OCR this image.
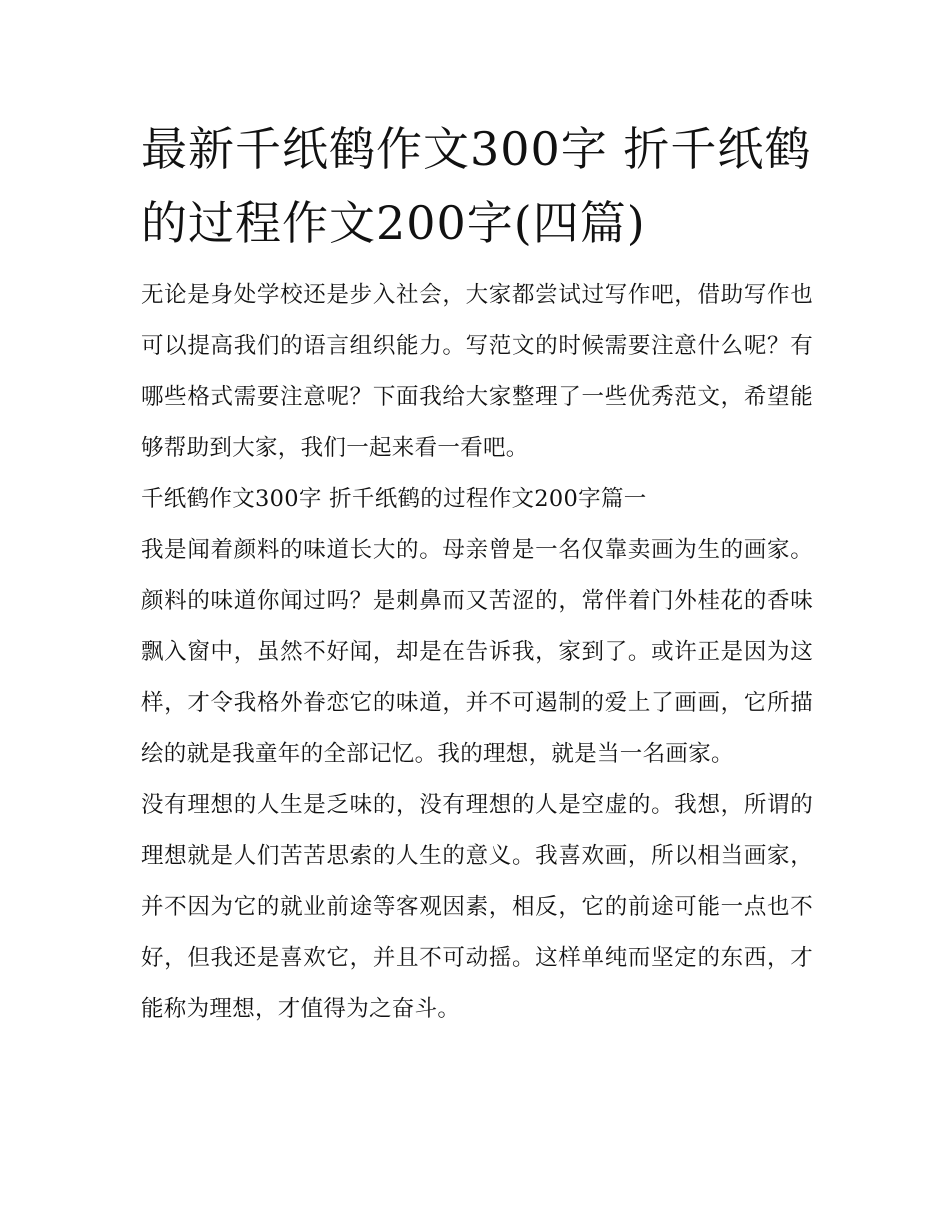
最新千纸鹤作文300字 折千纸鹤的过程作文200字(四篇)

无论是身处学校还是步入社会，大家都尝试过写作吧，借助写作也可以提高我们的语言组织能力。写范文的时候需要注意什么呢？有哪些格式需要注意呢？下面我给大家整理了一些优秀范文，希望能够帮助到大家，我们一起来看一看吧。

千纸鹤作文300字 折千纸鹤的过程作文200字篇一

我是闻着颜料的味道长大的。母亲曾是一名仅靠卖画为生的画家。颜料的味道你闻过吗？是刺鼻而又苦涩的，常伴着门外桂花的香味飘入窗中，虽然不好闻，却是在告诉我，家到了。或许正是因为这样，才令我格外眷恋它的味道，并不可遏制的爱上了画画，它所描绘的就是我童年的全部记忆。我的理想，就是当一名画家。

没有理想的人生是乏味的，没有理想的人是空虚的。我想，所谓的理想就是人们苦苦思索的人生的意义。我喜欢画，所以相当画家，并不因为它的就业前途等客观因素，相反，它的前途可能一点也不好，但我还是喜欢它，并且不可动摇。这样单纯而坚定的东西，才能称为理想，才值得为之奋斗。
